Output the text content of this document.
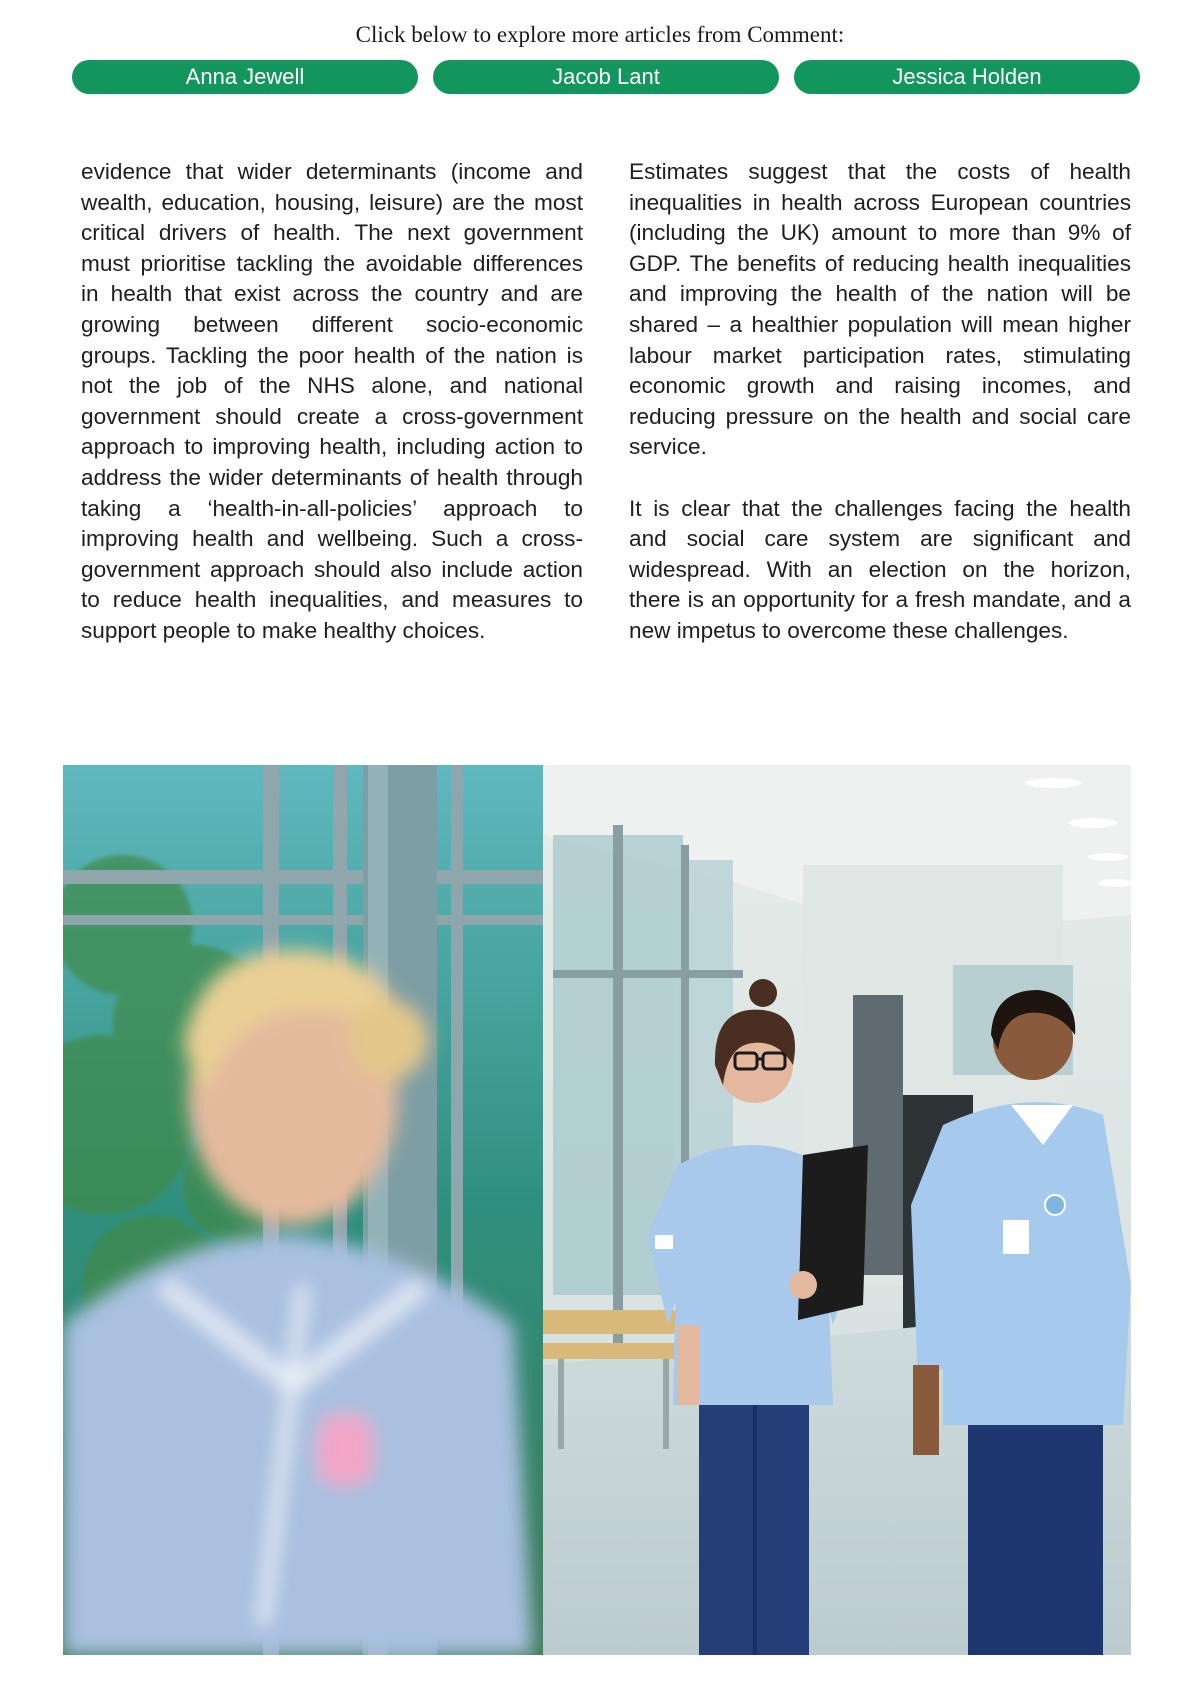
Click below to explore more articles from Comment:
Anna Jewell	Jacob Lant	Jessica Holden

evidence that wider determinants (income and wealth, education, housing, leisure) are the most critical drivers of health. The next government must prioritise tackling the avoidable differences in health that exist across the country and are growing between different socio-economic groups. Tackling the poor health of the nation is not the job of the NHS alone, and national government should create a cross-government approach to improving health, including action to address the wider determinants of health through taking a ‘health-in-all-policies’ approach to improving health and wellbeing. Such a cross-government approach should also include action to reduce health inequalities, and measures to support people to make healthy choices.

Estimates suggest that the costs of health inequalities in health across European countries (including the UK) amount to more than 9% of GDP. The benefits of reducing health inequalities and improving the health of the nation will be shared – a healthier population will mean higher labour market participation rates, stimulating economic growth and raising incomes, and reducing pressure on the health and social care service.

It is clear that the challenges facing the health and social care system are significant and widespread. With an election on the horizon, there is an opportunity for a fresh mandate, and a new impetus to overcome these challenges.
